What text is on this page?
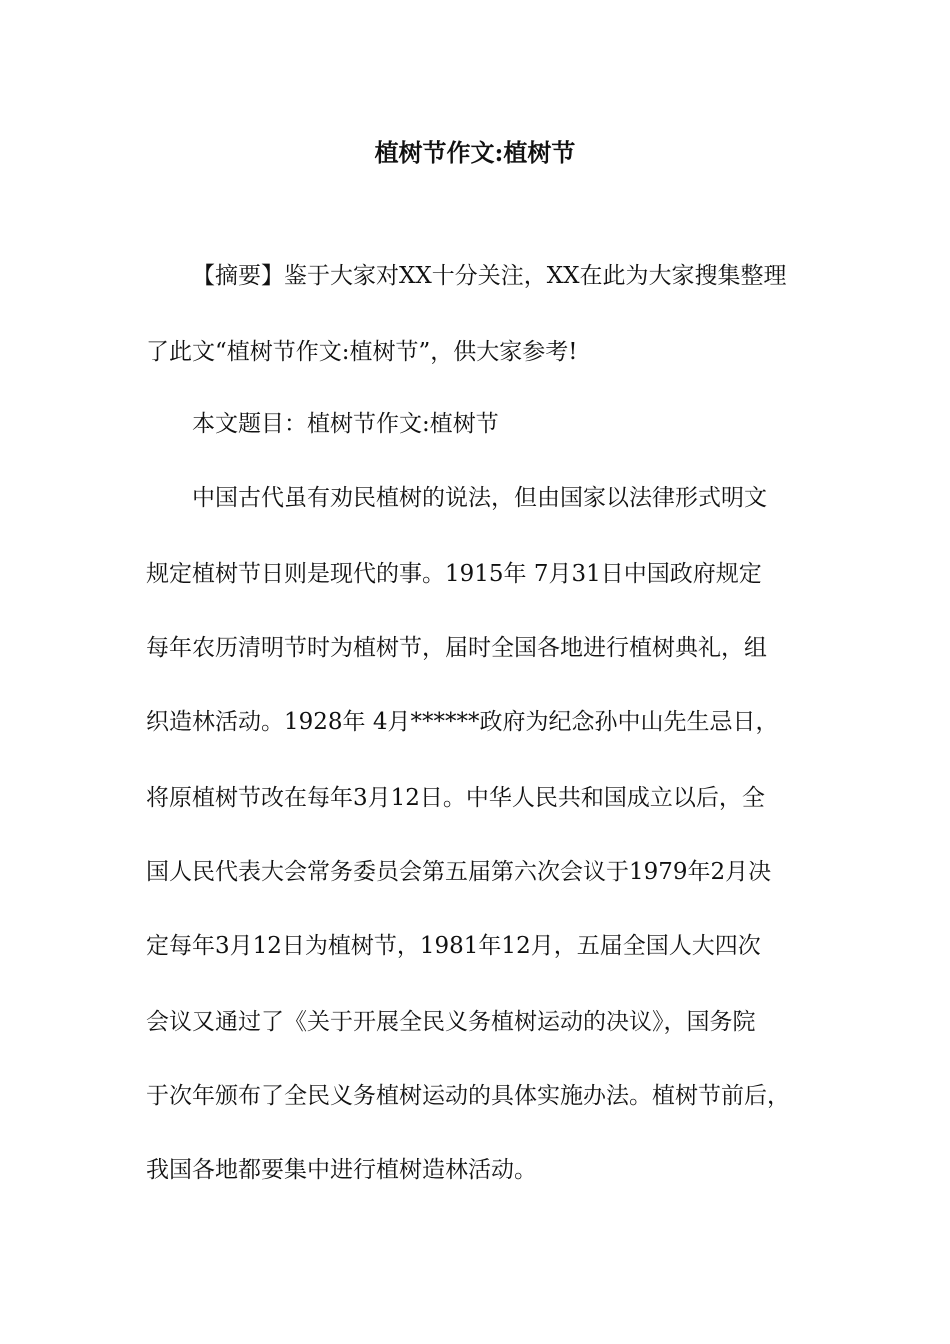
植树节作文:植树节
【摘要】鉴于大家对XX十分关注，XX在此为大家搜集整理
了此文“植树节作文:植树节”，供大家参考!
本文题目：植树节作文:植树节
中国古代虽有劝民植树的说法，但由国家以法律形式明文
规定植树节日则是现代的事。1915年 7月31日中国政府规定
每年农历清明节时为植树节，届时全国各地进行植树典礼，组
织造林活动。1928年 4月******政府为纪念孙中山先生忌日，
将原植树节改在每年3月12日。中华人民共和国成立以后，全
国人民代表大会常务委员会第五届第六次会议于1979年2月决
定每年3月12日为植树节，1981年12月，五届全国人大四次
会议又通过了《关于开展全民义务植树运动的决议》，国务院
于次年颁布了全民义务植树运动的具体实施办法。植树节前后，
我国各地都要集中进行植树造林活动。
